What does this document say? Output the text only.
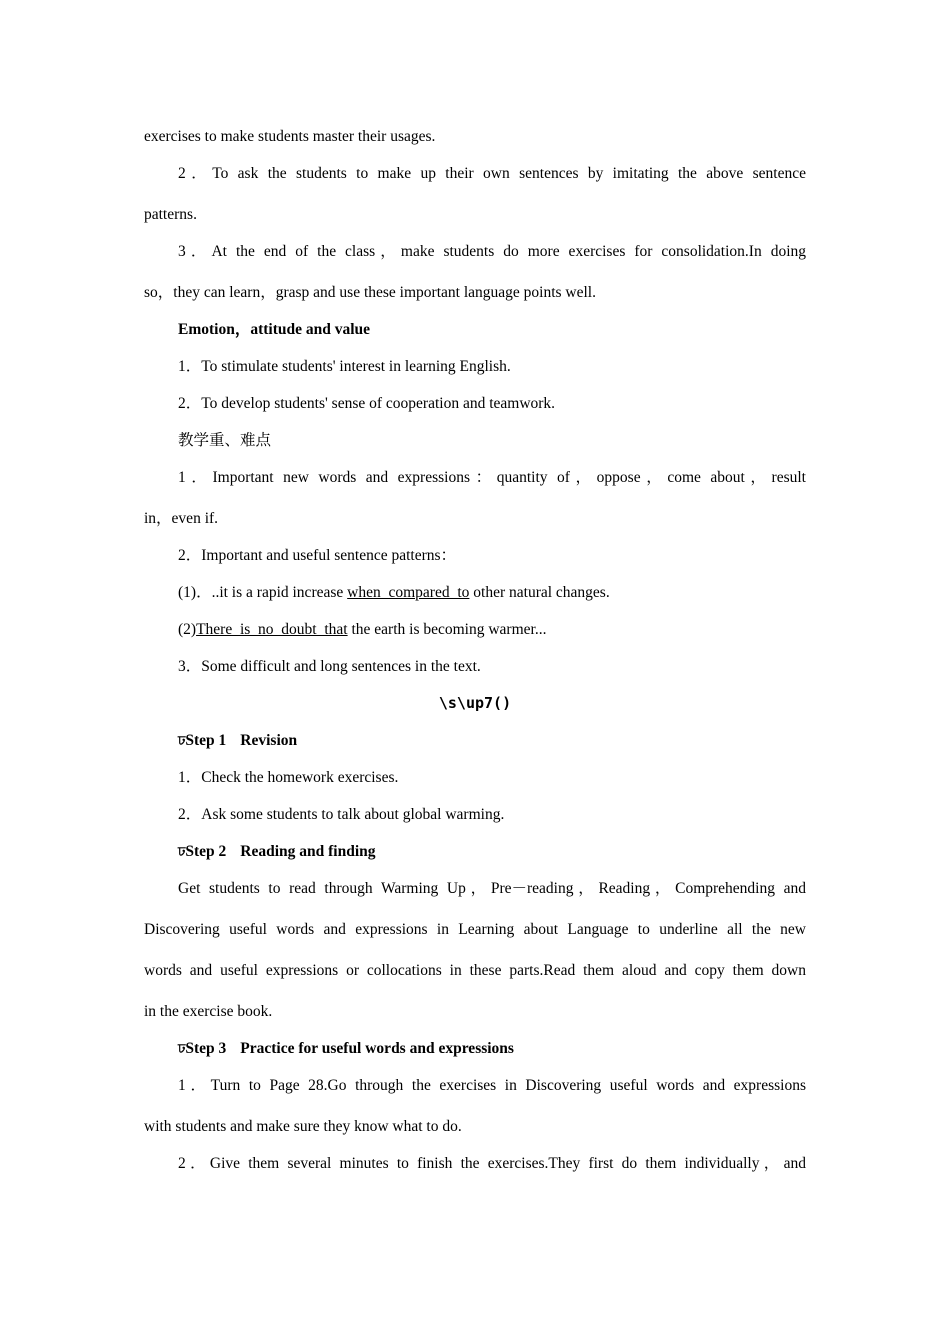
exercises to make students master their usages.
2．To ask the students to make up their own sentences by imitating the above sentence
patterns.
3．At the end of the class，make students do more exercises for consolidation.In doing
so，they can learn，grasp and use these important language points well.
Emotion，attitude and value
1．To stimulate students' interest in learning English.
2．To develop students' sense of cooperation and teamwork.
教学重、难点
1．Important new words and expressions：quantity of，oppose，come about，result
in，even if.
2．Important and useful sentence patterns：
(1)．..it is a rapid increase when  compared  to other natural changes.
(2)There  is  no  doubt  that the earth is becoming warmer...
3．Some difficult and long sentences in the text.
\s\up7()
ঢStep 1 Revision
1．Check the homework exercises.
2．Ask some students to talk about global warming.
ঢStep 2 Reading and finding
Get students to read through Warming Up，Pre－reading，Reading，Comprehending and
Discovering useful words and expressions in Learning about Language to underline all the new
words and useful expressions or collocations in these parts.Read them aloud and copy them down
in the exercise book.
ঢStep 3 Practice for useful words and expressions
1．Turn to Page 28.Go through the exercises in Discovering useful words and expressions
with students and make sure they know what to do.
2．Give them several minutes to finish the exercises.They first do them individually，and
